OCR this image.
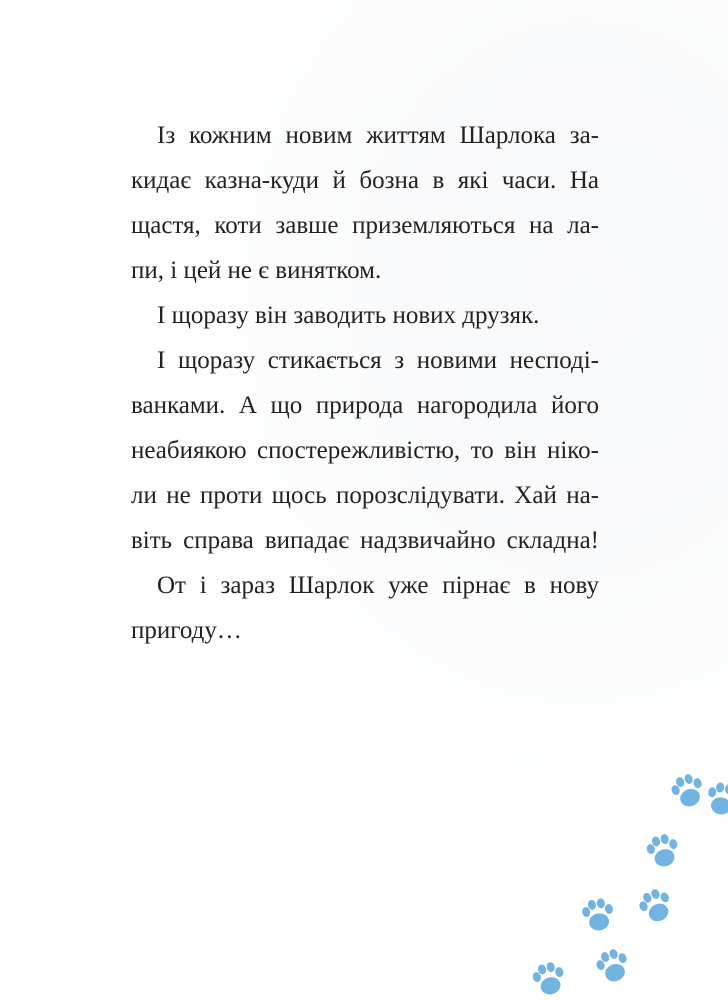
Із кожним новим життям Шарлока за-
кидає казна-куди й бозна в які часи. На
щастя, коти завше приземляються на ла-
пи, і цей не є винятком.
І щоразу він заводить нових друзяк.
І щоразу стикається з новими несподі-
ванками. А що природа нагородила його
неабиякою спостережливістю, то він ніко-
ли не проти щось порозслідувати. Хай на-
віть справа випадає надзвичайно складна!
От і зараз Шарлок уже пірнає в нову
пригоду…
